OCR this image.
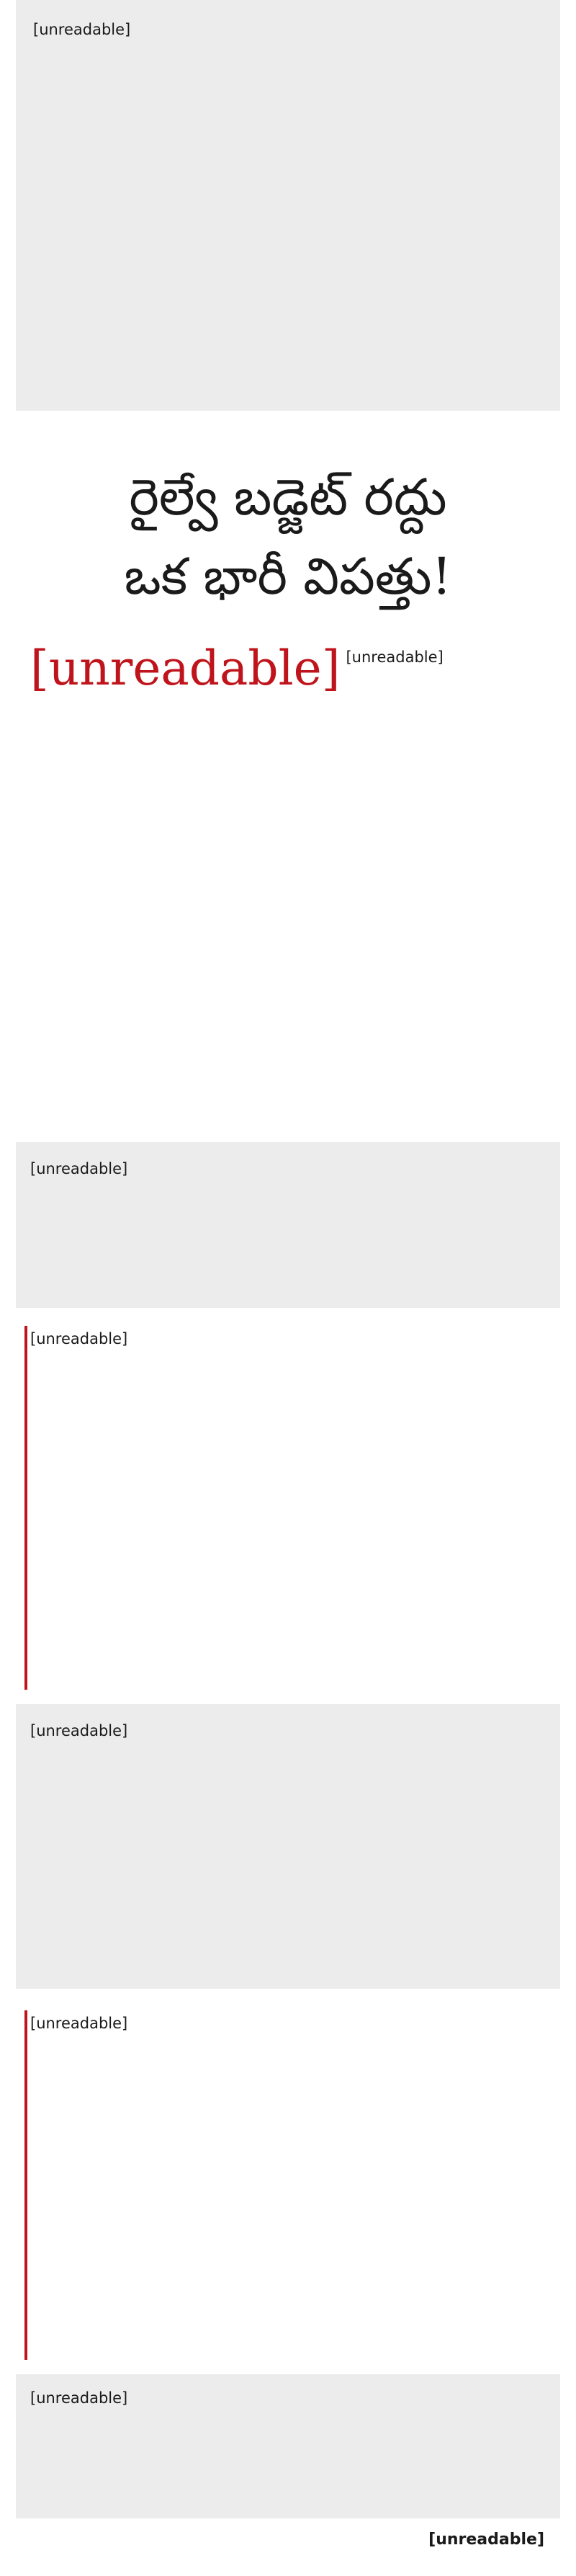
[unreadable]

రైల్వే బడ్జెట్ రద్దు
ఒక భారీ విపత్తు!
[unreadable] [unreadable]

[unreadable]

[unreadable]

[unreadable]

[unreadable]

[unreadable]

[unreadable]
